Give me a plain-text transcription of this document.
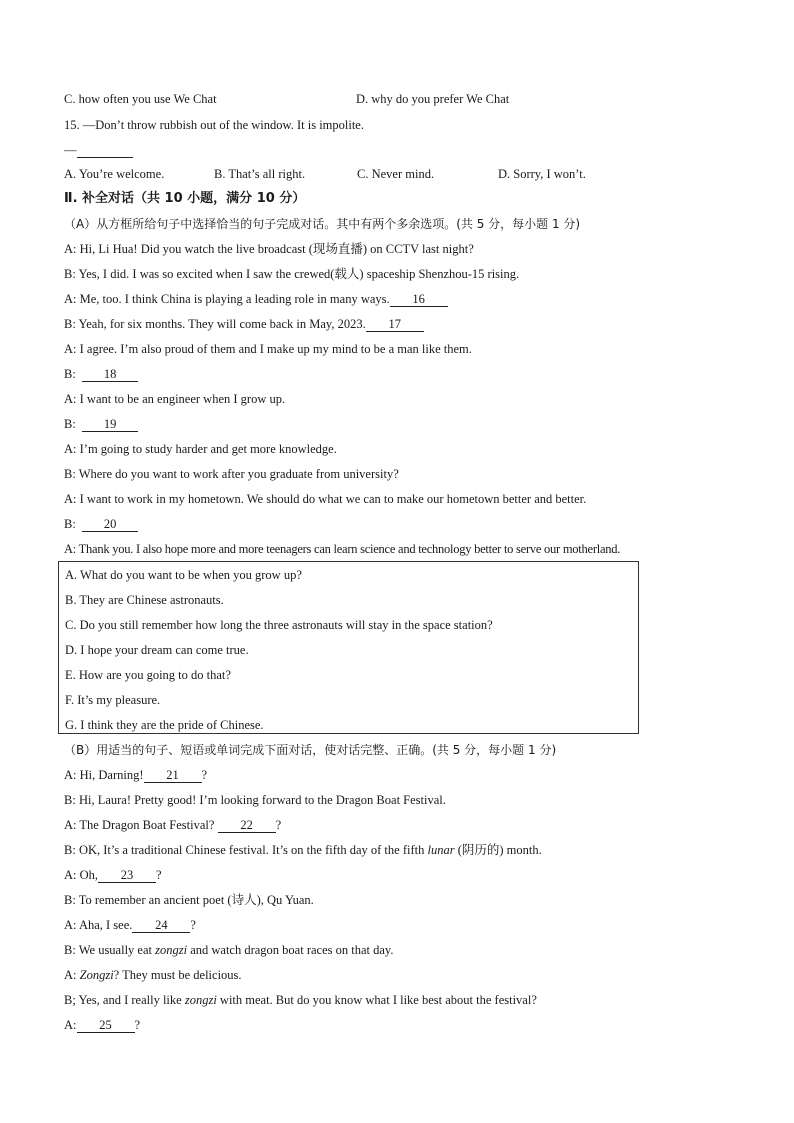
C. how often you use We Chat	D. why do you prefer We Chat
15. —Don’t throw rubbish out of the window. It is impolite.
—
A. You’re welcome.	B. That’s all right.	C. Never mind.	D. Sorry, I won’t.
Ⅱ. 补全对话（共 10 小题，满分 10 分）
（A）从方框所给句子中选择恰当的句子完成对话。其中有两个多余选项。(共 5 分，每小题 1 分)
A: Hi, Li Hua! Did you watch the live broadcast (现场直播) on CCTV last night?
B: Yes, I did. I was so excited when I saw the crewed(载人) spaceship Shenzhou-15 rising.
A: Me, too. I think China is playing a leading role in many ways. 16
B: Yeah, for six months. They will come back in May, 2023. 17
A: I agree. I’m also proud of them and I make up my mind to be a man like them.
B: 18
A: I want to be an engineer when I grow up.
B: 19
A: I’m going to study harder and get more knowledge.
B: Where do you want to work after you graduate from university?
A: I want to work in my hometown. We should do what we can to make our hometown better and better.
B: 20
A: Thank you. I also hope more and more teenagers can learn science and technology better to serve our motherland.
A. What do you want to be when you grow up?
B. They are Chinese astronauts.
C. Do you still remember how long the three astronauts will stay in the space station?
D. I hope your dream can come true.
E. How are you going to do that?
F. It’s my pleasure.
G. I think they are the pride of Chinese.
（B）用适当的句子、短语或单词完成下面对话，使对话完整、正确。(共 5 分，每小题 1 分)
A: Hi, Darning! 21 ?
B: Hi, Laura! Pretty good! I’m looking forward to the Dragon Boat Festival.
A: The Dragon Boat Festival? 22 ?
B: OK, It’s a traditional Chinese festival. It’s on the fifth day of the fifth lunar (阴历的) month.
A: Oh, 23 ?
B: To remember an ancient poet (诗人), Qu Yuan.
A: Aha, I see. 24 ?
B: We usually eat zongzi and watch dragon boat races on that day.
A: Zongzi? They must be delicious.
B; Yes, and I really like zongzi with meat. But do you know what I like best about the festival?
A: 25 ?
